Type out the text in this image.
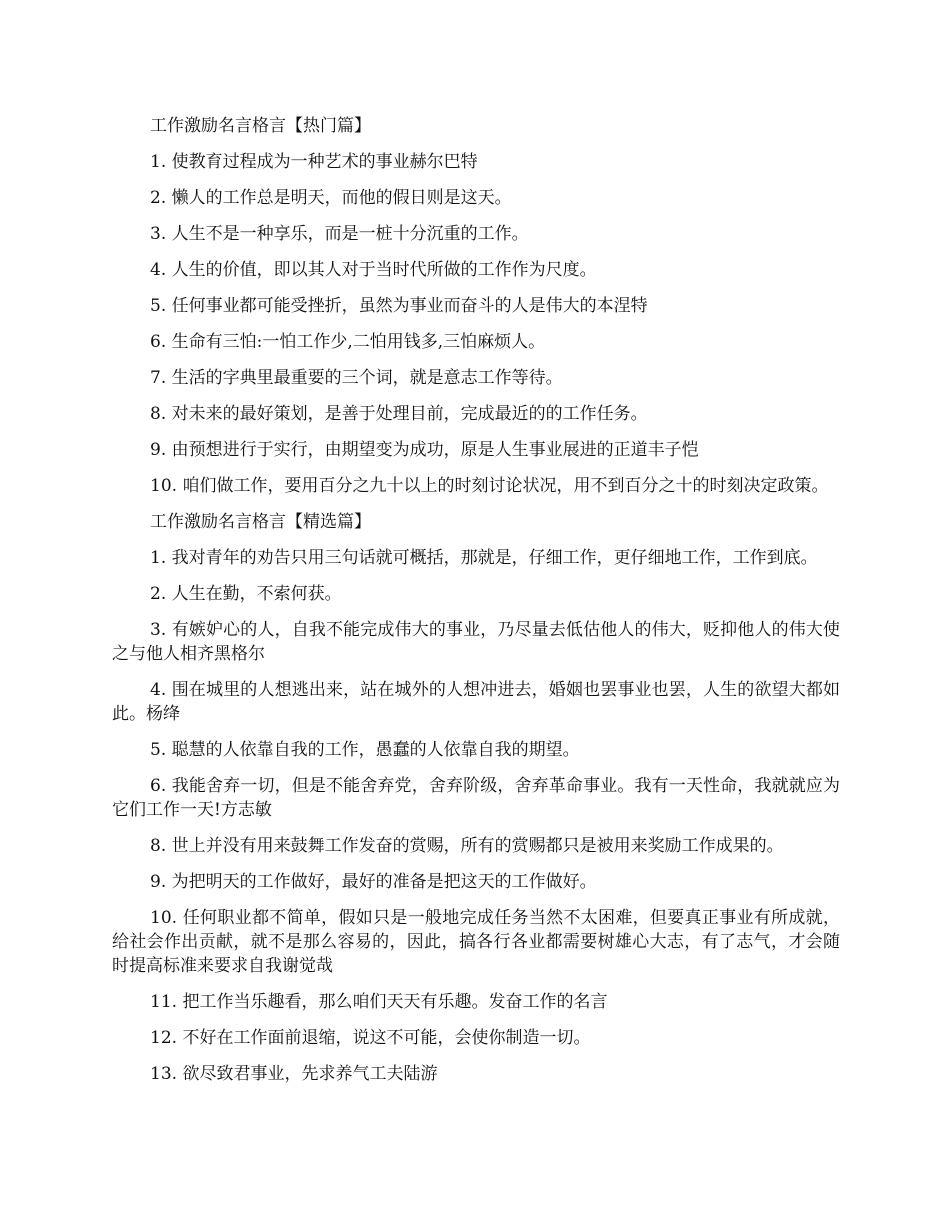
工作激励名言格言【热门篇】

1. 使教育过程成为一种艺术的事业赫尔巴特

2. 懒人的工作总是明天，而他的假日则是这天。

3. 人生不是一种享乐，而是一桩十分沉重的工作。

4. 人生的价值，即以其人对于当时代所做的工作作为尺度。

5. 任何事业都可能受挫折，虽然为事业而奋斗的人是伟大的本涅特

6. 生命有三怕:一怕工作少,二怕用钱多,三怕麻烦人。

7. 生活的字典里最重要的三个词，就是意志工作等待。

8. 对未来的最好策划，是善于处理目前，完成最近的的工作任务。

9. 由预想进行于实行，由期望变为成功，原是人生事业展进的正道丰子恺

10. 咱们做工作，要用百分之九十以上的时刻讨论状况，用不到百分之十的时刻决定政策。

工作激励名言格言【精选篇】

1. 我对青年的劝告只用三句话就可概括，那就是，仔细工作，更仔细地工作，工作到底。

2. 人生在勤，不索何获。

3. 有嫉妒心的人，自我不能完成伟大的事业，乃尽量去低估他人的伟大，贬抑他人的伟大使之与他人相齐黑格尔

4. 围在城里的人想逃出来，站在城外的人想冲进去，婚姻也罢事业也罢，人生的欲望大都如此。杨绛

5. 聪慧的人依靠自我的工作，愚蠢的人依靠自我的期望。

6. 我能舍弃一切，但是不能舍弃党，舍弃阶级，舍弃革命事业。我有一天性命，我就就应为它们工作一天!方志敏

8. 世上并没有用来鼓舞工作发奋的赏赐，所有的赏赐都只是被用来奖励工作成果的。

9. 为把明天的工作做好，最好的准备是把这天的工作做好。

10. 任何职业都不简单，假如只是一般地完成任务当然不太困难，但要真正事业有所成就，给社会作出贡献，就不是那么容易的，因此，搞各行各业都需要树雄心大志，有了志气，才会随时提高标准来要求自我谢觉哉

11. 把工作当乐趣看，那么咱们天天有乐趣。发奋工作的名言

12. 不好在工作面前退缩，说这不可能，会使你制造一切。

13. 欲尽致君事业，先求养气工夫陆游
